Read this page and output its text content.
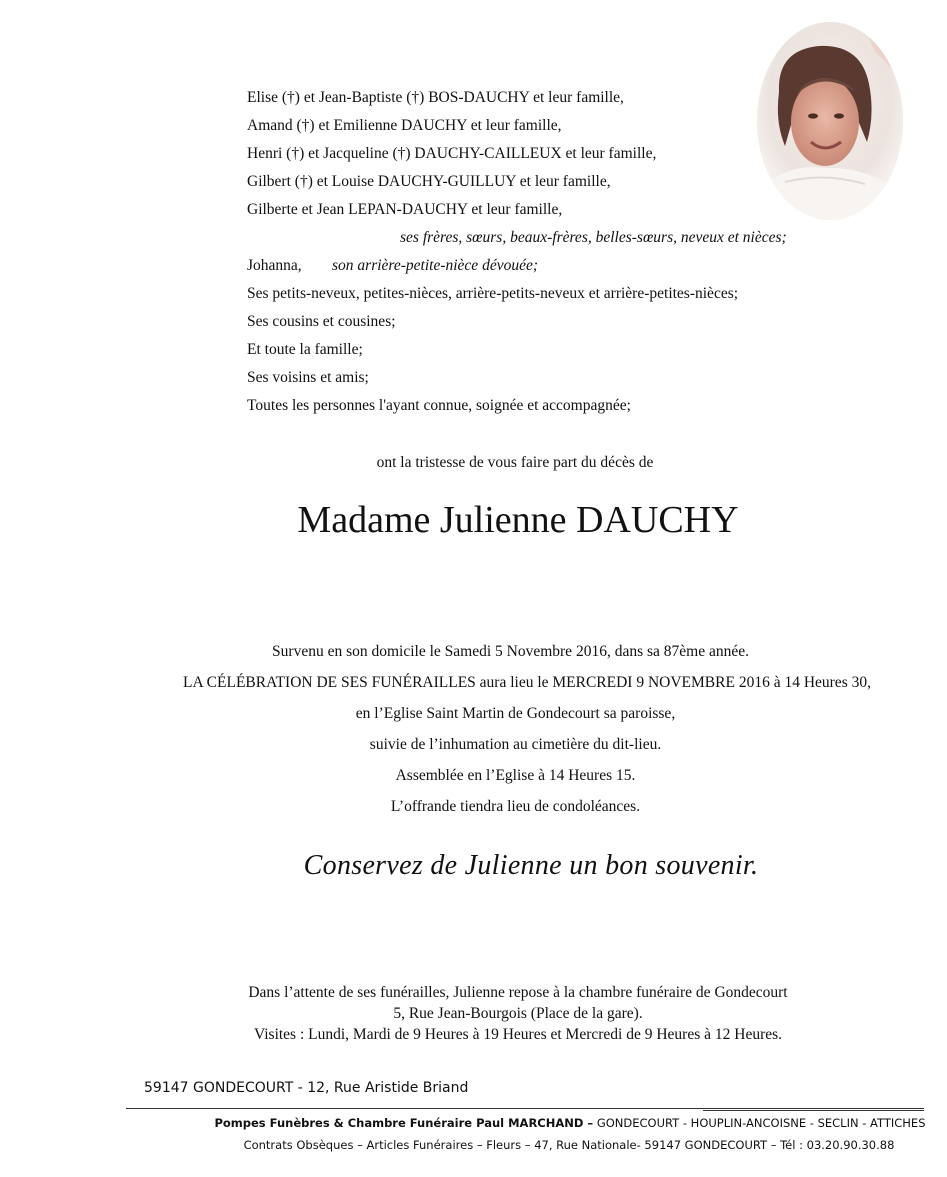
Elise (†) et Jean-Baptiste (†) BOS-DAUCHY et leur famille,
Amand (†) et Emilienne DAUCHY et leur famille,
Henri (†) et Jacqueline (†) DAUCHY-CAILLEUX et leur famille,
Gilbert (†) et Louise DAUCHY-GUILLUY et leur famille,
Gilberte et Jean LEPAN-DAUCHY et leur famille,
ses frères, sœurs, beaux-frères, belles-sœurs, neveux et nièces;
Johanna, son arrière-petite-nièce dévouée;
Ses petits-neveux, petites-nièces, arrière-petits-neveux et arrière-petites-nièces;
Ses cousins et cousines;
Et toute la famille;
Ses voisins et amis;
Toutes les personnes l'ayant connue, soignée et accompagnée;
ont la tristesse de vous faire part du décès de
Madame Julienne DAUCHY
Survenu en son domicile le Samedi 5 Novembre 2016, dans sa 87ème année.
LA CÉLÉBRATION DE SES FUNÉRAILLES aura lieu le MERCREDI 9 NOVEMBRE 2016 à 14 Heures 30,
en l’Eglise Saint Martin de Gondecourt sa paroisse,
suivie de l’inhumation au cimetière du dit-lieu.
Assemblée en l’Eglise à 14 Heures 15.
L’offrande tiendra lieu de condoléances.
Conservez de Julienne un bon souvenir.
Dans l’attente de ses funérailles, Julienne repose à la chambre funéraire de Gondecourt
5, Rue Jean-Bourgois (Place de la gare).
Visites : Lundi, Mardi de 9 Heures à 19 Heures et Mercredi de 9 Heures à 12 Heures.
59147 GONDECOURT - 12, Rue Aristide Briand
Pompes Funèbres & Chambre Funéraire Paul MARCHAND – GONDECOURT - HOUPLIN-ANCOISNE - SECLIN - ATTICHES
Contrats Obsèques – Articles Funéraires – Fleurs – 47, Rue Nationale- 59147 GONDECOURT – Tél : 03.20.90.30.88
